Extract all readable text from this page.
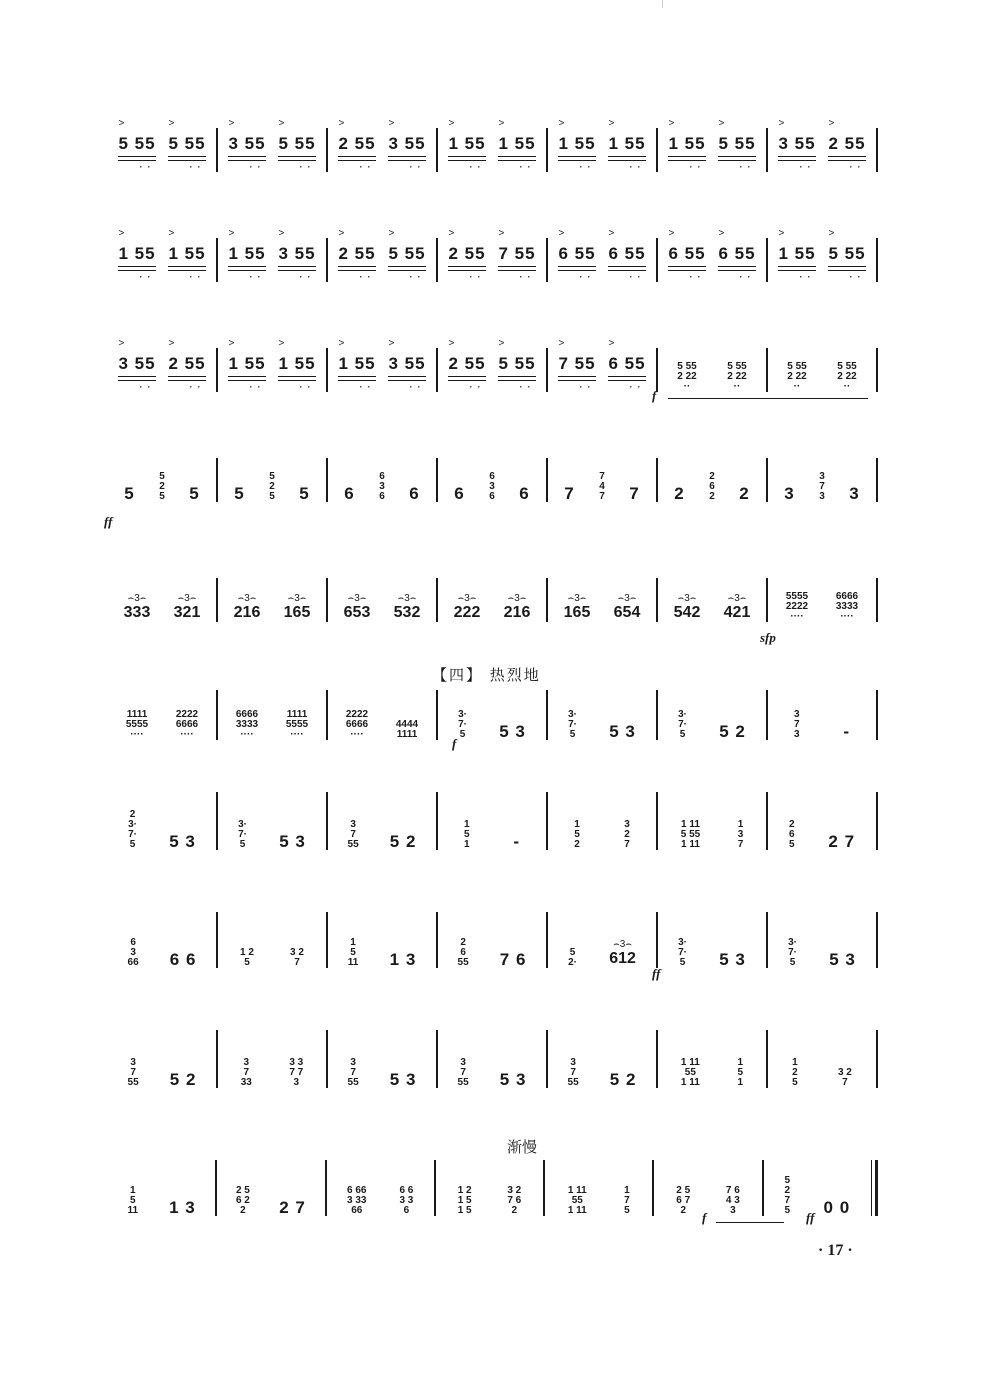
>
5 55
··
>
5 55
··
>
3 55
··
>
5 55
··
>
2 55
··
>
3 55
··
>
1 55
··
>
1 55
··
>
1 55
··
>
1 55
··
>
1 55
··
>
5 55
··
>
3 55
··
>
2 55
··
>
1 55
··
>
1 55
··
>
1 55
··
>
3 55
··
>
2 55
··
>
5 55
··
>
2 55
··
>
7 55
··
>
6 55
··
>
6 55
··
>
6 55
··
>
6 55
··
>
1 55
··
>
5 55
··
>
3 55
··
>
2 55
··
>
1 55
··
>
1 55
··
>
1 55
··
>
3 55
··
>
2 55
··
>
5 55
··
>
7 55
··
>
6 55
··
5 55
2 22
··
5 55
2 22
··
5 55
2 22
··
5 55
2 22
··
f
5
5
2
5 5 5
5
2
5 5 6
6
3
6 6 6
6
3
6 6 7
7
4
7 7 2
2
6
2 2 3
3
7
3 3
ff
⌢3⌢
333
⌢3⌢
321
⌢3⌢
216
⌢3⌢
165
⌢3⌢
653
⌢3⌢
532
⌢3⌢
222
⌢3⌢
216
⌢3⌢
165
⌢3⌢
654
⌢3⌢
542
⌢3⌢
421
5555
2222
····
6666
3333
····
sfp
【四】 热烈地
1111
5555
····
2222
6666
····
6666
3333
····
1111
5555
····
2222
6666
····
4444
1111
3·
7·
5 5 3
3·
7·
5 5 3
3·
7·
5 5 2
3
7
3	-
f
2
3·
7·
5 5 3
3·
7·
5 5 3
3
7
55 5 2
1
5
1	-
1
5
2
3
2
7
1 11
5 55
1 11
1
3
7
2
6
5 2 7
6
3
66 6 6	1 2
5
3 2
7
1
5
11 1 3
2
6
55 7 6	5
2·
⌢3⌢
612
3·
7·
5 5 3
3·
7·
5 5 3
ff
3
7
55 5 2
3
7
33
3 3
7 7
3
3
7
55 5 3
3
7
55 5 3
3
7
55 5 2
1 11
55
1 11
1
5
1
1
2
5
3 2
7
渐慢
1
5
11 1 3
2 5
6 2
2 2 7
6 66
3 33
66
6 6
3 3
6
1 2
1 5
1 5
3 2
7 6
2
1 11
55
1 11
1
7
5
2 5
6 7
2
7 6
4 3
3
5
2
7
5 0 0
f	ff
· 17 ·
